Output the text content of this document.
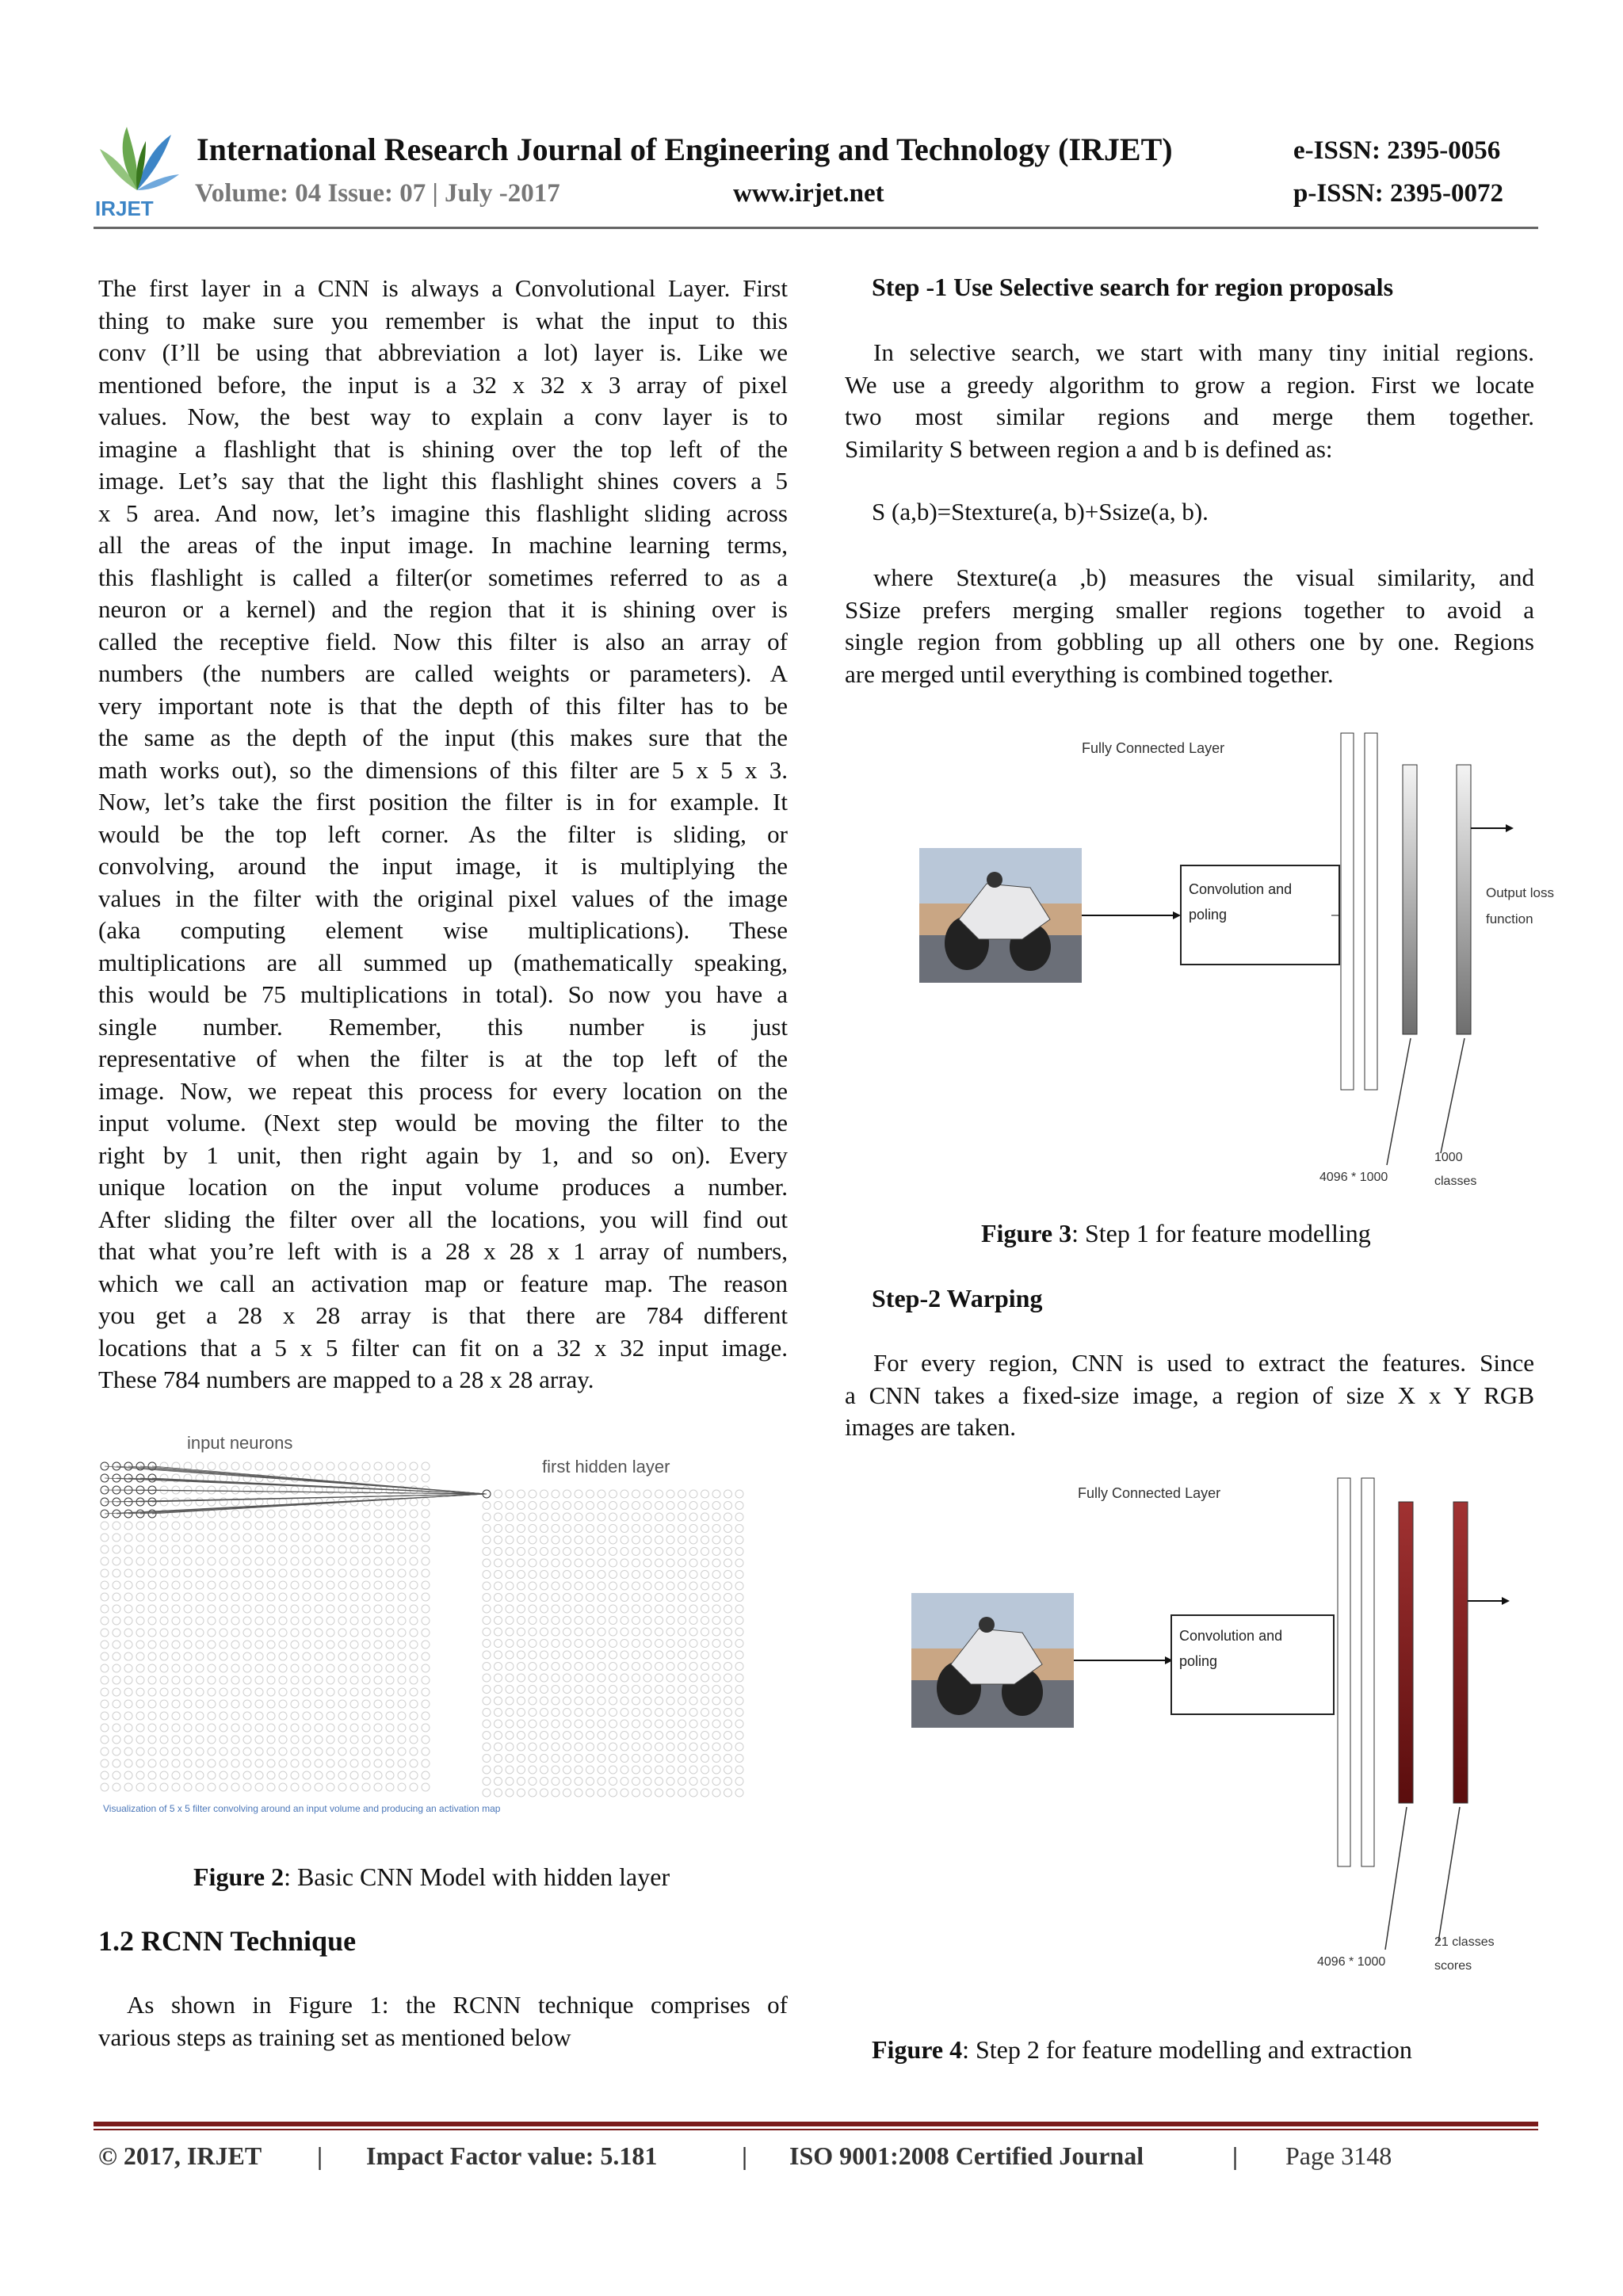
IRJET
International Research Journal of Engineering and Technology (IRJET)	e-ISSN: 2395-0056
Volume: 04 Issue: 07 | July -2017	www.irjet.net	p-ISSN: 2395-0072
The first layer in a CNN is always a Convolutional Layer. First
thing to make sure you remember is what the input to this
conv (I’ll be using that abbreviation a lot) layer is. Like we
mentioned before, the input is a 32 x 32 x 3 array of pixel
values. Now, the best way to explain a conv layer is to
imagine a flashlight that is shining over the top left of the
image. Let’s say that the light this flashlight shines covers a 5
x 5 area. And now, let’s imagine this flashlight sliding across
all the areas of the input image. In machine learning terms,
this flashlight is called a filter(or sometimes referred to as a
neuron or a kernel) and the region that it is shining over is
called the receptive field. Now this filter is also an array of
numbers (the numbers are called weights or parameters). A
very important note is that the depth of this filter has to be
the same as the depth of the input (this makes sure that the
math works out), so the dimensions of this filter are 5 x 5 x 3.
Now, let’s take the first position the filter is in for example. It
would be the top left corner. As the filter is sliding, or
convolving, around the input image, it is multiplying the
values in the filter with the original pixel values of the image
(aka computing element wise multiplications). These
multiplications are all summed up (mathematically speaking,
this would be 75 multiplications in total). So now you have a
single number. Remember, this number is just
representative of when the filter is at the top left of the
image. Now, we repeat this process for every location on the
input volume. (Next step would be moving the filter to the
right by 1 unit, then right again by 1, and so on). Every
unique location on the input volume produces a number.
After sliding the filter over all the locations, you will find out
that what you’re left with is a 28 x 28 x 1 array of numbers,
which we call an activation map or feature map. The reason
you get a 28 x 28 array is that there are 784 different
locations that a 5 x 5 filter can fit on a 32 x 32 input image.
These 784 numbers are mapped to a 28 x 28 array.
input neurons
first hidden layer
Visualization of 5 x 5 filter convolving around an input volume and producing an activation map
Figure 2: Basic CNN Model with hidden layer
1.2 RCNN Technique
As shown in Figure 1: the RCNN technique comprises of
various steps as training set as mentioned below
Step -1 Use Selective search for region proposals
In selective search, we start with many tiny initial regions.
We use a greedy algorithm to grow a region. First we locate
two most similar regions and merge them together.
Similarity S between region a and b is defined as:
S (a,b)=Stexture(a, b)+Ssize(a, b).
where Stexture(a ,b) measures the visual similarity, and
SSize prefers merging smaller regions together to avoid a
single region from gobbling up all others one by one. Regions
are merged until everything is combined together.
Fully Connected Layer
Convolution and
poling
Output loss
function
4096 * 1000
1000
classes
Figure 3: Step 1 for feature modelling
Step-2 Warping
For every region, CNN is used to extract the features. Since
a CNN takes a fixed-size image, a region of size X x Y RGB
images are taken.
Fully Connected Layer
Convolution and
poling
4096 * 1000
21 classes
scores
Figure 4: Step 2 for feature modelling and extraction
© 2017, IRJET | Impact Factor value: 5.181	| ISO 9001:2008 Certified Journal	| Page 3148
